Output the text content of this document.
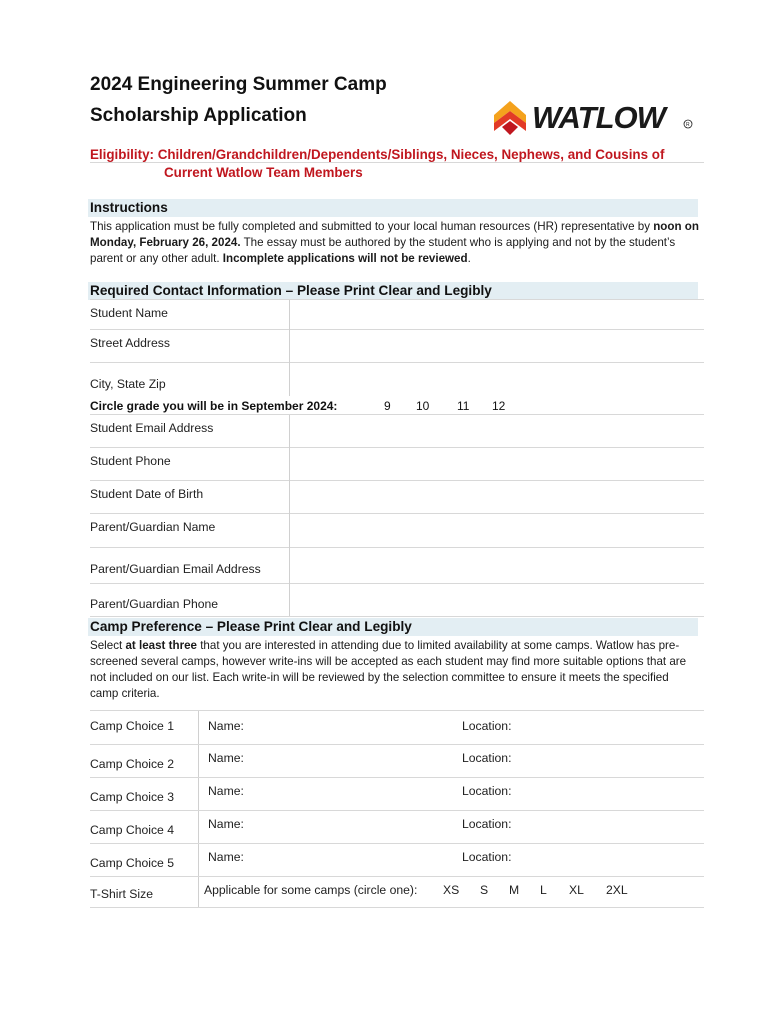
2024 Engineering Summer Camp
Scholarship Application	WATLOW	R
Eligibility: Children/Grandchildren/Dependents/Siblings, Nieces, Nephews, and Cousins of
Current Watlow Team Members
Instructions
This application must be fully completed and submitted to your local human resources (HR) representative by noon on Monday, February 26, 2024. The essay must be authored by the student who is applying and not by the student’s parent or any other adult. Incomplete applications will not be reviewed.
Required Contact Information – Please Print Clear and Legibly
Student Name
Street Address
City, State Zip
Circle grade you will be in September 2024:	9 10 11 12
Student Email Address
Student Phone
Student Date of Birth
Parent/Guardian Name
Parent/Guardian Email Address
Parent/Guardian Phone
Camp Preference – Please Print Clear and Legibly
Select at least three that you are interested in attending due to limited availability at some camps. Watlow has pre-screened several camps, however write-ins will be accepted as each student may find more suitable options that are not included on our list. Each write-in will be reviewed by the selection committee to ensure it meets the specified camp criteria.
Camp Choice 1	Name:	Location:
Camp Choice 2	Name:	Location:
Camp Choice 3	Name:	Location:
Camp Choice 4	Name:	Location:
Camp Choice 5	Name:	Location:
T-Shirt Size	Applicable for some camps (circle one): XS S M L XL 2XL
